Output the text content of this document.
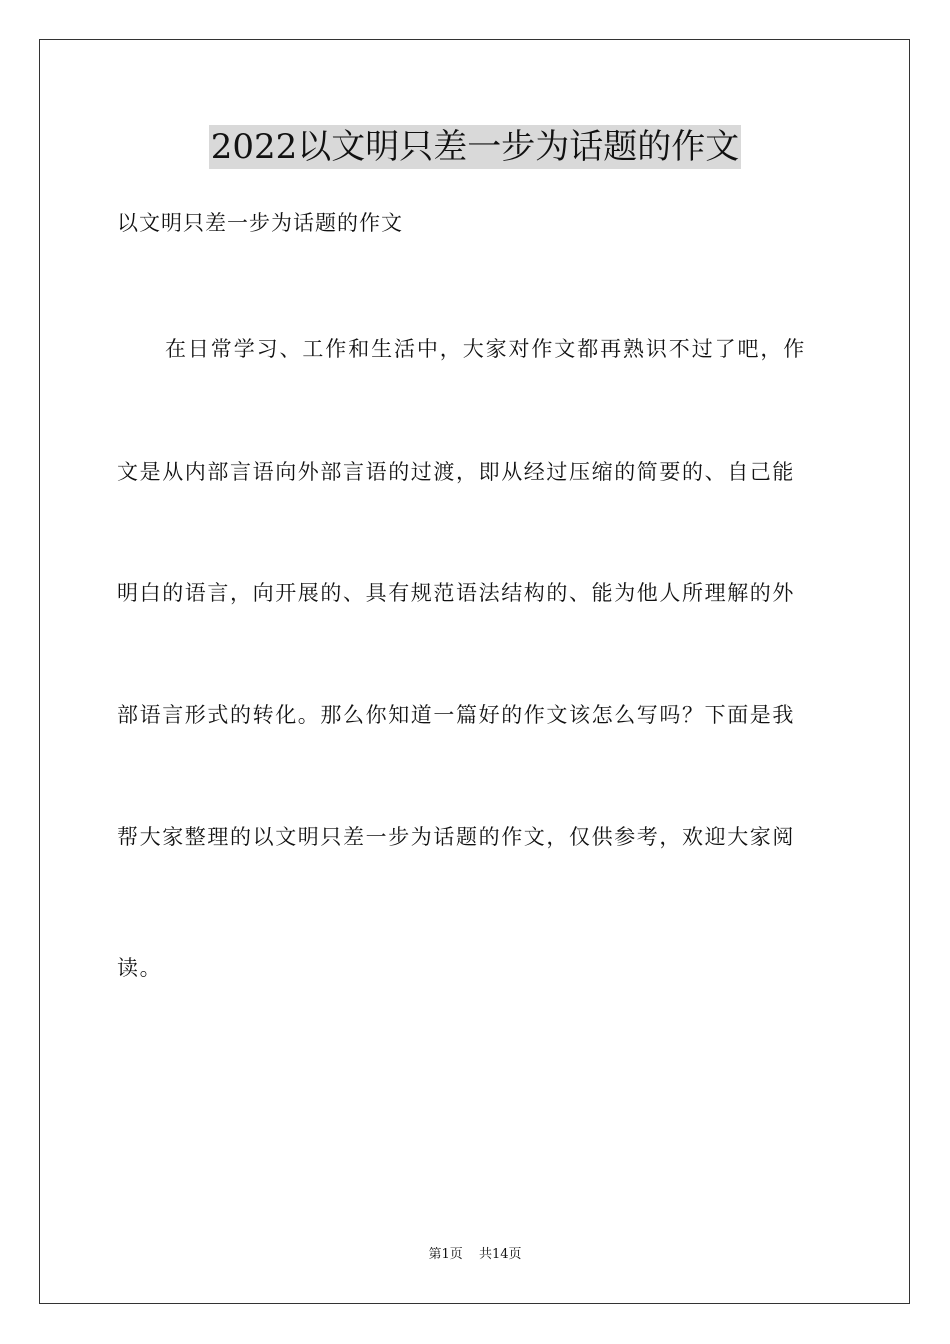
2022以文明只差一步为话题的作文
以文明只差一步为话题的作文
在日常学习、工作和生活中，大家对作文都再熟识不过了吧，作
文是从内部言语向外部言语的过渡，即从经过压缩的简要的、自己能
明白的语言，向开展的、具有规范语法结构的、能为他人所理解的外
部语言形式的转化。那么你知道一篇好的作文该怎么写吗？下面是我
帮大家整理的以文明只差一步为话题的作文，仅供参考，欢迎大家阅
读。
第1页 共14页
